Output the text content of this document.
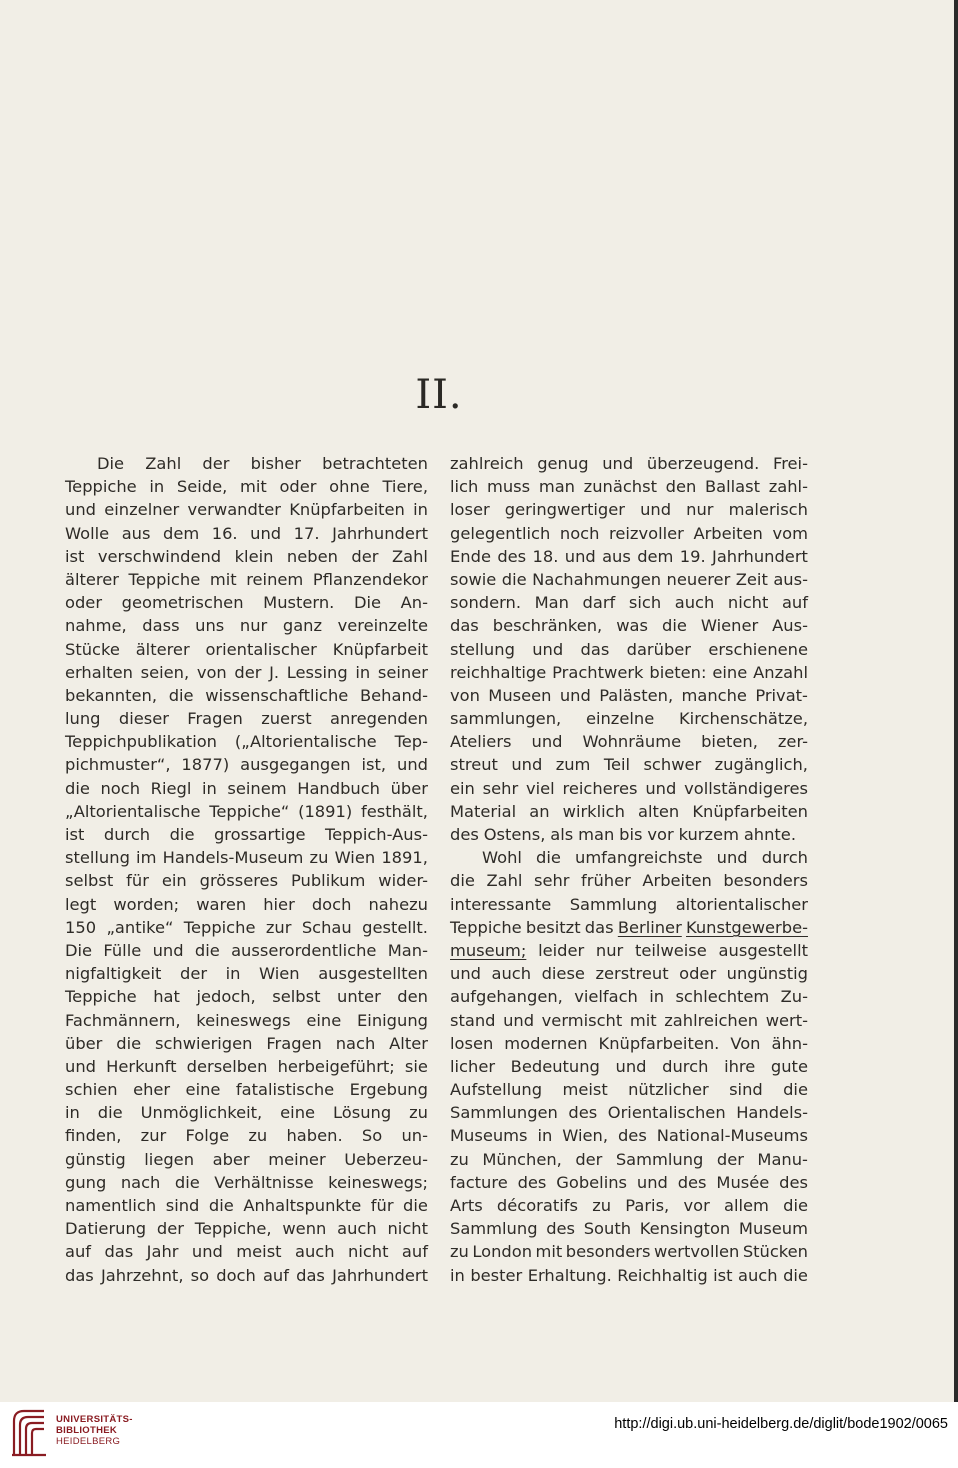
II.
Die Zahl der bisher betrachteten
Teppiche in Seide, mit oder ohne Tiere,
und einzelner verwandter Knüpfarbeiten in
Wolle aus dem 16. und 17. Jahrhundert
ist verschwindend klein neben der Zahl
älterer Teppiche mit reinem Pflanzendekor
oder geometrischen Mustern. Die An-
nahme, dass uns nur ganz vereinzelte
Stücke älterer orientalischer Knüpfarbeit
erhalten seien, von der J. Lessing in seiner
bekannten, die wissenschaftliche Behand-
lung dieser Fragen zuerst anregenden
Teppichpublikation („Altorientalische Tep-
pichmuster“, 1877) ausgegangen ist, und
die noch Riegl in seinem Handbuch über
„Altorientalische Teppiche“ (1891) festhält,
ist durch die grossartige Teppich-Aus-
stellung im Handels-Museum zu Wien 1891,
selbst für ein grösseres Publikum wider-
legt worden; waren hier doch nahezu
150 „antike“ Teppiche zur Schau gestellt.
Die Fülle und die ausserordentliche Man-
nigfaltigkeit der in Wien ausgestellten
Teppiche hat jedoch, selbst unter den
Fachmännern, keineswegs eine Einigung
über die schwierigen Fragen nach Alter
und Herkunft derselben herbeigeführt; sie
schien eher eine fatalistische Ergebung
in die Unmöglichkeit, eine Lösung zu
finden, zur Folge zu haben. So un-
günstig liegen aber meiner Ueberzeu-
gung nach die Verhältnisse keineswegs;
namentlich sind die Anhaltspunkte für die
Datierung der Teppiche, wenn auch nicht
auf das Jahr und meist auch nicht auf
das Jahrzehnt, so doch auf das Jahrhundert
zahlreich genug und überzeugend. Frei-
lich muss man zunächst den Ballast zahl-
loser geringwertiger und nur malerisch
gelegentlich noch reizvoller Arbeiten vom
Ende des 18. und aus dem 19. Jahrhundert
sowie die Nachahmungen neuerer Zeit aus-
sondern. Man darf sich auch nicht auf
das beschränken, was die Wiener Aus-
stellung und das darüber erschienene
reichhaltige Prachtwerk bieten: eine Anzahl
von Museen und Palästen, manche Privat-
sammlungen, einzelne Kirchenschätze,
Ateliers und Wohnräume bieten, zer-
streut und zum Teil schwer zugänglich,
ein sehr viel reicheres und vollständigeres
Material an wirklich alten Knüpfarbeiten
des Ostens, als man bis vor kurzem ahnte.
Wohl die umfangreichste und durch
die Zahl sehr früher Arbeiten besonders
interessante Sammlung altorientalischer
Teppiche besitzt das Berliner Kunstgewerbe-
museum; leider nur teilweise ausgestellt
und auch diese zerstreut oder ungünstig
aufgehangen, vielfach in schlechtem Zu-
stand und vermischt mit zahlreichen wert-
losen modernen Knüpfarbeiten. Von ähn-
licher Bedeutung und durch ihre gute
Aufstellung meist nützlicher sind die
Sammlungen des Orientalischen Handels-
Museums in Wien, des National-Museums
zu München, der Sammlung der Manu-
facture des Gobelins und des Musée des
Arts décoratifs zu Paris, vor allem die
Sammlung des South Kensington Museum
zu London mit besonders wertvollen Stücken
in bester Erhaltung. Reichhaltig ist auch die
UNIVERSITÄTS-
BIBLIOTHEK
HEIDELBERG
http://digi.ub.uni-heidelberg.de/diglit/bode1902/0065
